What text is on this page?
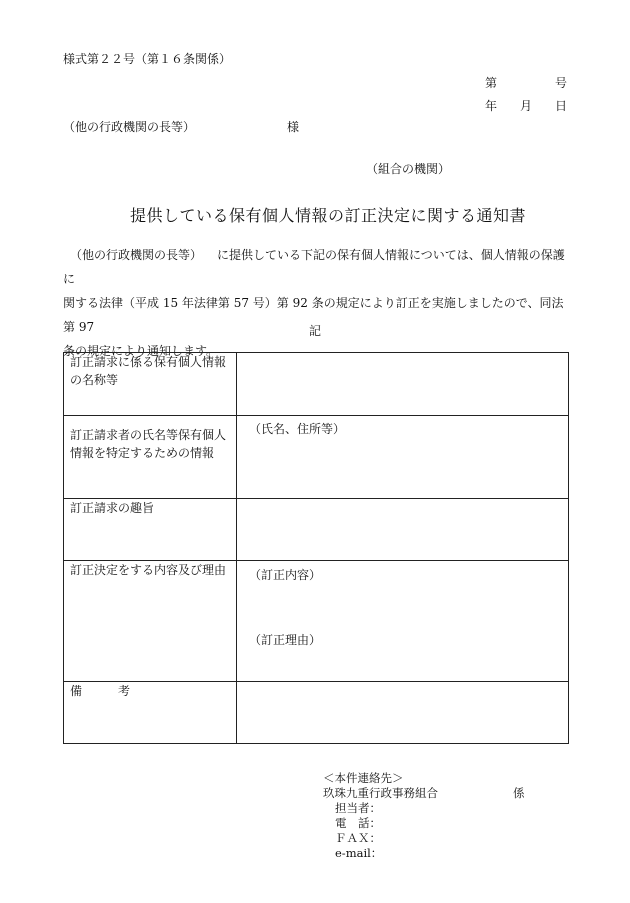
様式第２２号（第１６条関係）
第	号
年 月 日
（他の行政機関の長等）	様
（組合の機関）
提供している保有個人情報の訂正決定に関する通知書
（他の行政機関の長等） に提供している下記の保有個人情報については、個人情報の保護に
関する法律（平成 15 年法律第 57 号）第 92 条の規定により訂正を実施しましたので、同法第 97
条の規定により通知します。
記
訂正請求に係る保有個人情報
の名称等	

訂正請求者の氏名等保有個人
情報を特定するための情報	（氏名、住所等）

訂正請求の趣旨	

訂正決定をする内容及び理由	（訂正内容）
（訂正理由）

備　　　考	

＜本件連絡先＞
玖珠九重行政事務組合	係
担当者：
電　話：
ＦＡＸ：
e-mail：
